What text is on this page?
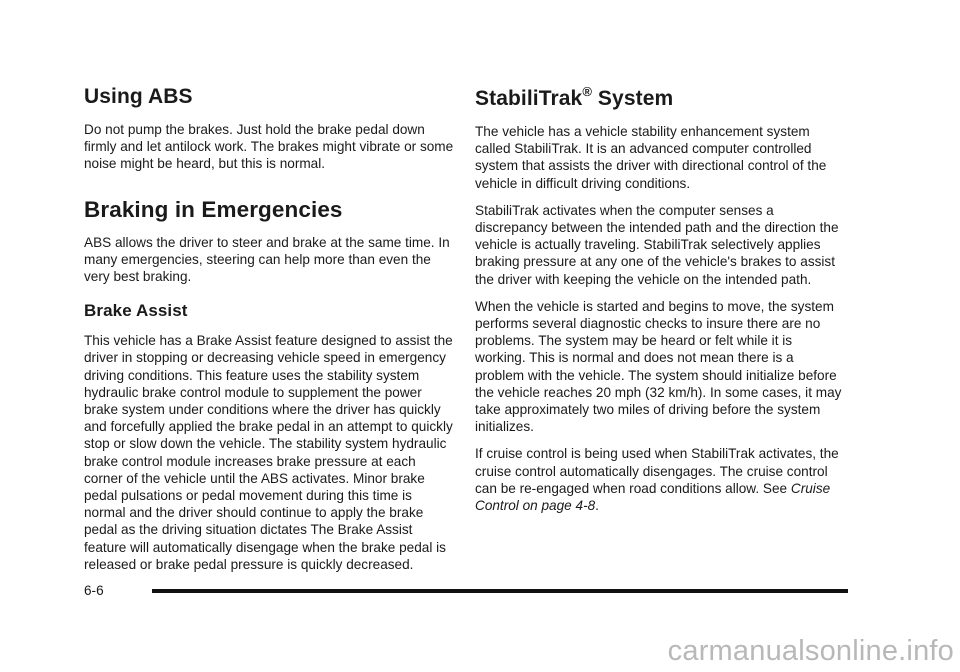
Using ABS

Do not pump the brakes. Just hold the brake pedal down firmly and let antilock work. The brakes might vibrate or some noise might be heard, but this is normal.

Braking in Emergencies

ABS allows the driver to steer and brake at the same time. In many emergencies, steering can help more than even the very best braking.

Brake Assist

This vehicle has a Brake Assist feature designed to assist the driver in stopping or decreasing vehicle speed in emergency driving conditions. This feature uses the stability system hydraulic brake control module to supplement the power brake system under conditions where the driver has quickly and forcefully applied the brake pedal in an attempt to quickly stop or slow down the vehicle. The stability system hydraulic brake control module increases brake pressure at each corner of the vehicle until the ABS activates. Minor brake pedal pulsations or pedal movement during this time is normal and the driver should continue to apply the brake pedal as the driving situation dictates The Brake Assist feature will automatically disengage when the brake pedal is released or brake pedal pressure is quickly decreased.

StabiliTrak® System

The vehicle has a vehicle stability enhancement system called StabiliTrak. It is an advanced computer controlled system that assists the driver with directional control of the vehicle in difficult driving conditions.

StabiliTrak activates when the computer senses a discrepancy between the intended path and the direction the vehicle is actually traveling. StabiliTrak selectively applies braking pressure at any one of the vehicle's brakes to assist the driver with keeping the vehicle on the intended path.

When the vehicle is started and begins to move, the system performs several diagnostic checks to insure there are no problems. The system may be heard or felt while it is working. This is normal and does not mean there is a problem with the vehicle. The system should initialize before the vehicle reaches 20 mph (32 km/h). In some cases, it may take approximately two miles of driving before the system initializes.

If cruise control is being used when StabiliTrak activates, the cruise control automatically disengages. The cruise control can be re-engaged when road conditions allow. See Cruise Control on page 4-8.

6-6
carmanualsonline.info
